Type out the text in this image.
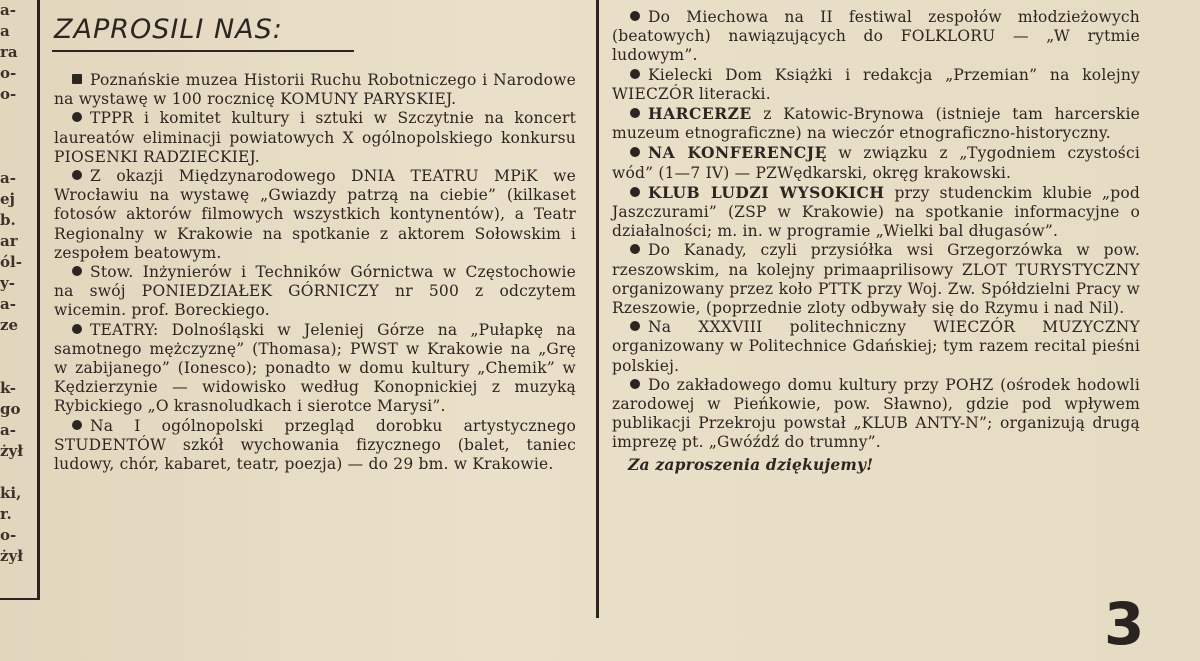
a-
a
ra
o-
o-
a-
ej
b.
ar
ól-
y-
a-
ze
k-
go
a-
żył
ki,
r.
o-
żył
ZAPROSILI NAS:

Poznańskie muzea Historii Ruchu Robotniczego i Narodowe na wystawę w 100 rocznicę KOMUNY PARYSKIEJ.

TPPR i komitet kultury i sztuki w Szczytnie na koncert laureatów eliminacji powiatowych X ogólnopolskiego konkursu PIOSENKI RADZIECKIEJ.

Z okazji Międzynarodowego DNIA TEATRU MPiK we Wrocławiu na wystawę „Gwiazdy patrzą na ciebie” (kilkaset fotosów aktorów filmowych wszystkich kontynentów), a Teatr Regionalny w Krakowie na spotkanie z aktorem Sołowskim i zespołem beatowym.

Stow. Inżynierów i Techników Górnictwa w Częstochowie na swój PONIEDZIAŁEK GÓRNICZY nr 500 z odczytem wicemin. prof. Boreckiego.

TEATRY: Dolnośląski w Jeleniej Górze na „Pułapkę na samotnego mężczyznę” (Thomasa); PWST w Krakowie na „Grę w zabijanego” (Ionesco); ponadto w domu kultury „Chemik” w Kędzierzynie — widowisko według Konopnickiej z muzyką Rybickiego „O krasnoludkach i sierotce Marysi”.

Na I ogólnopolski przegląd dorobku artystycznego STUDENTÓW szkół wychowania fizycznego (balet, taniec ludowy, chór, kabaret, teatr, poezja) — do 29 bm. w Krakowie.

Do Miechowa na II festiwal zespołów młodzieżowych (beatowych) nawiązujących do FOLKLORU — „W rytmie ludowym”.

Kielecki Dom Książki i redakcja „Przemian” na kolejny WIECZÓR literacki.

HARCERZE z Katowic-Brynowa (istnieje tam harcerskie muzeum etnograficzne) na wieczór etnograficzno-historyczny.

NA KONFERENCJĘ w związku z „Tygodniem czystości wód” (1—7 IV) — PZWędkarski, okręg krakowski.

KLUB LUDZI WYSOKICH przy studenckim klubie „pod Jaszczurami” (ZSP w Krakowie) na spotkanie informacyjne o działalności; m. in. w programie „Wielki bal długasów”.

Do Kanady, czyli przysiółka wsi Grzegorzówka w pow. rzeszowskim, na kolejny primaaprilisowy ZLOT TURYSTYCZNY organizowany przez koło PTTK przy Woj. Zw. Spółdzielni Pracy w Rzeszowie, (poprzednie zloty odbywały się do Rzymu i nad Nil).

Na XXXVIII politechniczny WIECZÓR MUZYCZNY organizowany w Politechnice Gdańskiej; tym razem recital pieśni polskiej.

Do zakładowego domu kultury przy POHZ (ośrodek hodowli zarodowej w Pieńkowie, pow. Sławno), gdzie pod wpływem publikacji Przekroju powstał „KLUB ANTY-N”; organizują drugą imprezę pt. „Gwóźdź do trumny”.

Za zaproszenia dziękujemy!

3
